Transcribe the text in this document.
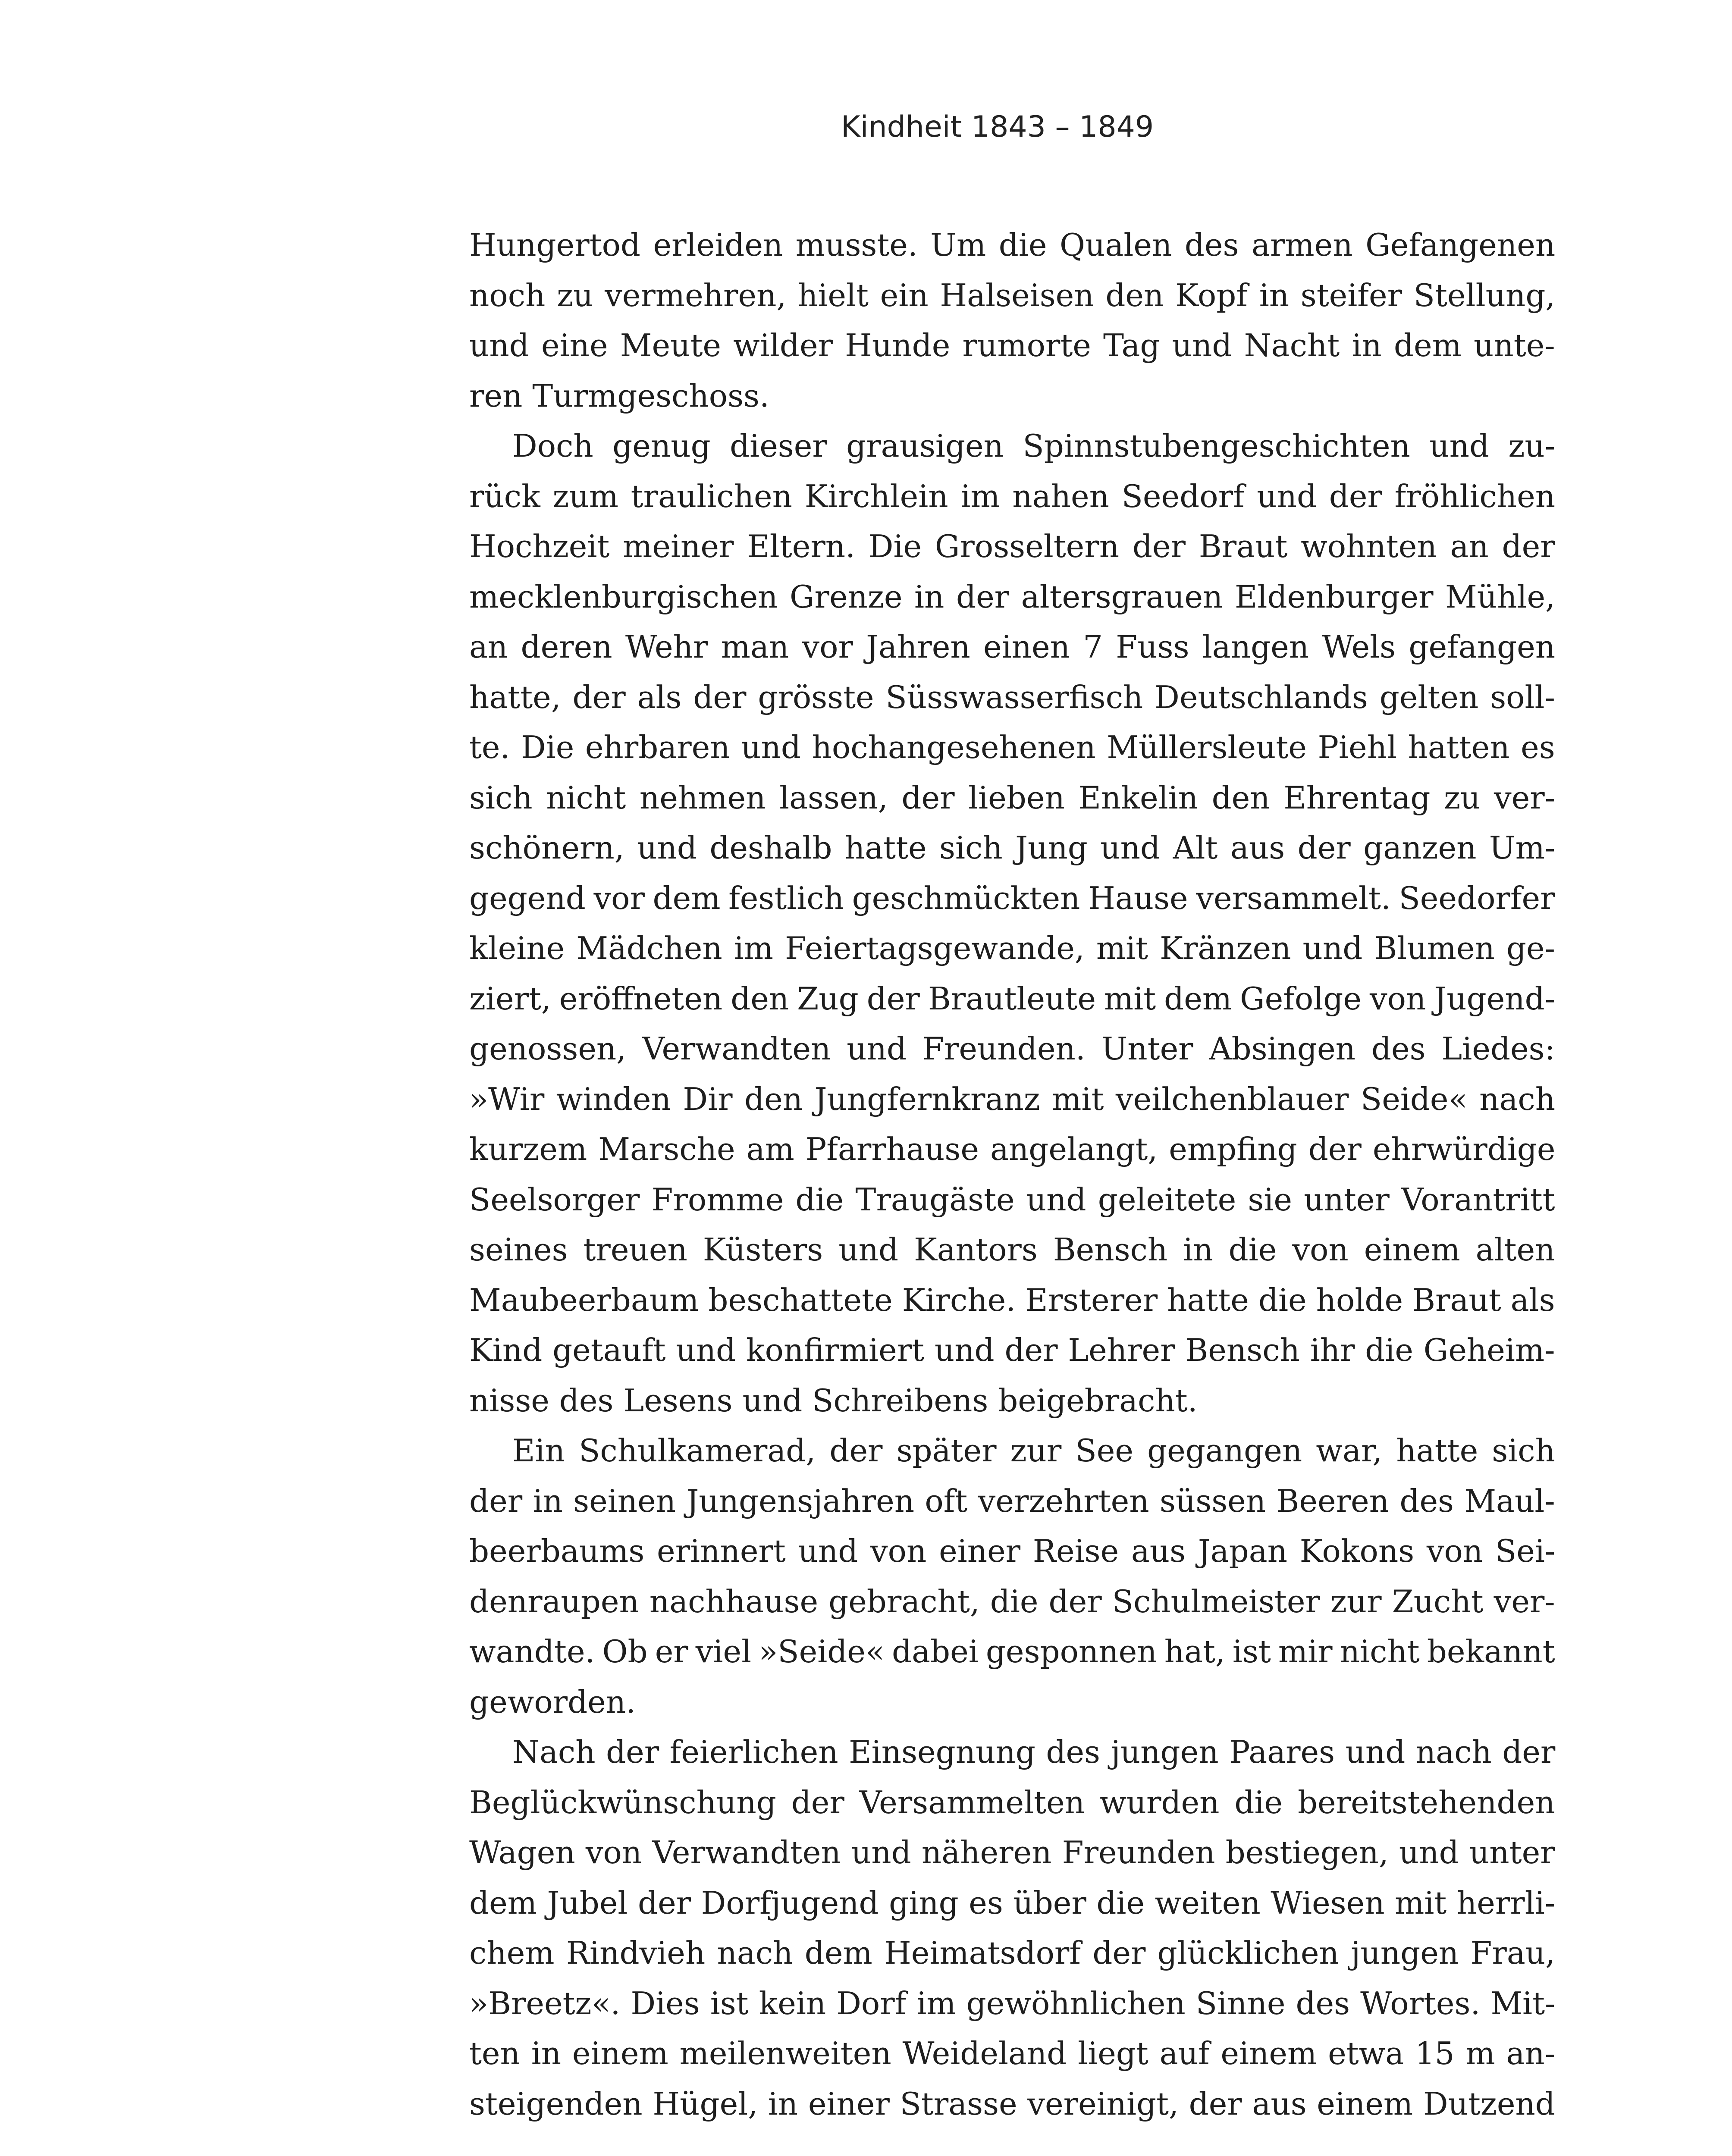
Kindheit 1843 – 1849

Hungertod erleiden musste. Um die Qualen des armen Gefangenen
noch zu vermehren, hielt ein Halseisen den Kopf in steifer Stellung,
und eine Meute wilder Hunde rumorte Tag und Nacht in dem unte-
ren Turmgeschoss.

Doch genug dieser grausigen Spinnstubengeschichten und zu-
rück zum traulichen Kirchlein im nahen Seedorf und der fröhlichen
Hochzeit meiner Eltern. Die Grosseltern der Braut wohnten an der
mecklenburgischen Grenze in der altersgrauen Eldenburger Mühle,
an deren Wehr man vor Jahren einen 7 Fuss langen Wels gefangen
hatte, der als der grösste Süsswasserfisch Deutschlands gelten soll-
te. Die ehrbaren und hochangesehenen Müllersleute Piehl hatten es
sich nicht nehmen lassen, der lieben Enkelin den Ehrentag zu ver-
schönern, und deshalb hatte sich Jung und Alt aus der ganzen Um-
gegend vor dem festlich geschmückten Hause versammelt. Seedorfer
kleine Mädchen im Feiertagsgewande, mit Kränzen und Blumen ge-
ziert, eröffneten den Zug der Brautleute mit dem Gefolge von Jugend-
genossen, Verwandten und Freunden. Unter Absingen des Liedes:
»Wir winden Dir den Jungfernkranz mit veilchenblauer Seide« nach
kurzem Marsche am Pfarrhause angelangt, empfing der ehrwürdige
Seelsorger Fromme die Traugäste und geleitete sie unter Vorantritt
seines treuen Küsters und Kantors Bensch in die von einem alten
Maubeerbaum beschattete Kirche. Ersterer hatte die holde Braut als
Kind getauft und konfirmiert und der Lehrer Bensch ihr die Geheim-
nisse des Lesens und Schreibens beigebracht.

Ein Schulkamerad, der später zur See gegangen war, hatte sich
der in seinen Jungensjahren oft verzehrten süssen Beeren des Maul-
beerbaums erinnert und von einer Reise aus Japan Kokons von Sei-
denraupen nachhause gebracht, die der Schulmeister zur Zucht ver-
wandte. Ob er viel »Seide« dabei gesponnen hat, ist mir nicht bekannt
geworden.

Nach der feierlichen Einsegnung des jungen Paares und nach der
Beglückwünschung der Versammelten wurden die bereitstehenden
Wagen von Verwandten und näheren Freunden bestiegen, und unter
dem Jubel der Dorfjugend ging es über die weiten Wiesen mit herrli-
chem Rindvieh nach dem Heimatsdorf der glücklichen jungen Frau,
»Breetz«. Dies ist kein Dorf im gewöhnlichen Sinne des Wortes. Mit-
ten in einem meilenweiten Weideland liegt auf einem etwa 15 m an-
steigenden Hügel, in einer Strasse vereinigt, der aus einem Dutzend
